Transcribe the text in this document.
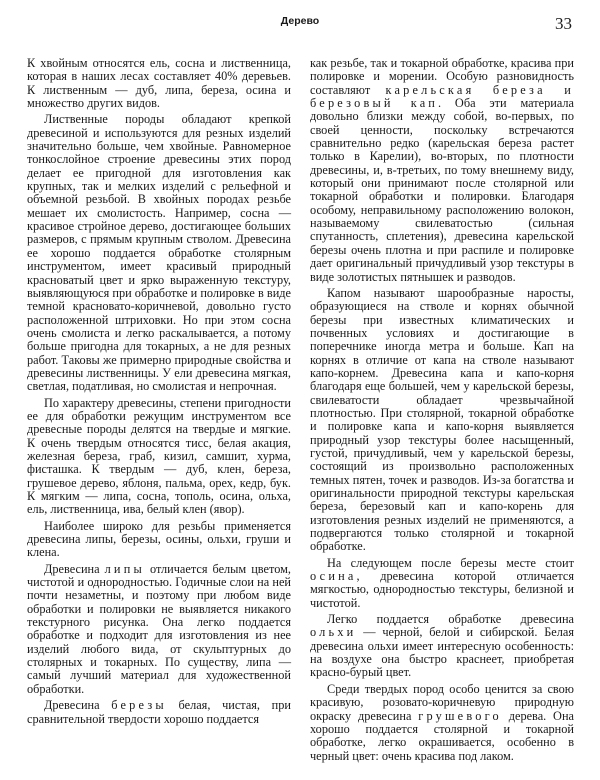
Дерево	33

К хвойным относятся ель, сосна и лиственница, которая в наших лесах составляет 40% деревьев. К лиственным — дуб, липа, береза, осина и множество других видов.

Лиственные породы обладают крепкой древесиной и используются для резных изделий значительно больше, чем хвойные. Равномерное тонкослойное строение древесины этих пород делает ее пригодной для изготовления как крупных, так и мелких изделий с рельефной и объемной резьбой. В хвойных породах резьбе мешает их смолистость. Например, сосна — красивое стройное дерево, достигающее больших размеров, с прямым крупным стволом. Древесина ее хорошо поддается обработке столярным инструментом, имеет красивый природный красноватый цвет и ярко выраженную текстуру, выявляющуюся при обработке и полировке в виде темной красновато-коричневой, довольно густо расположенной штриховки. Но при этом сосна очень смолиста и легко раскалывается, а потому больше пригодна для токарных, а не для резных работ. Таковы же примерно природные свойства и древесины лиственницы. У ели древесина мягкая, светлая, податливая, но смолистая и непрочная.

По характеру древесины, степени пригодности ее для обработки режущим инструментом все древесные породы делятся на твердые и мягкие. К очень твердым относятся тисс, белая акация, железная береза, граб, кизил, самшит, хурма, фисташка. К твердым — дуб, клен, береза, грушевое дерево, яблоня, пальма, орех, кедр, бук. К мягким — липа, сосна, тополь, осина, ольха, ель, лиственница, ива, белый клен (явор).

Наиболее широко для резьбы применяется древесина липы, березы, осины, ольхи, груши и клена.

Древесина липы отличается белым цветом, чистотой и однородностью. Годичные слои на ней почти незаметны, и поэтому при любом виде обработки и полировки не выявляется никакого текстурного рисунка. Она легко поддается обработке и подходит для изготовления из нее изделий любого вида, от скульптурных до столярных и токарных. По существу, липа — самый лучший материал для художественной обработки.

Древесина березы белая, чистая, при сравнительной твердости хорошо поддается

как резьбе, так и токарной обработке, красива при полировке и морении. Особую разновидность составляют карельская береза и березовый кап. Оба эти материала довольно близки между собой, во-первых, по своей ценности, поскольку встречаются сравнительно редко (карельская береза растет только в Карелии), во-вторых, по плотности древесины, и, в-третьих, по тому внешнему виду, который они принимают после столярной или токарной обработки и полировки. Благодаря особому, неправильному расположению волокон, называемому свилеватостью (сильная спутанность, сплетения), древесина карельской березы очень плотна и при распиле и полировке дает оригинальный причудливый узор текстуры в виде золотистых пятнышек и разводов.

Капом называют шарообразные наросты, образующиеся на стволе и корнях обычной березы при известных климатических и почвенных условиях и достигающие в поперечнике иногда метра и больше. Кап на корнях в отличие от капа на стволе называют капо-корнем. Древесина капа и капо-корня благодаря еще большей, чем у карельской березы, свилеватости обладает чрезвычайной плотностью. При столярной, токарной обработке и полировке капа и капо-корня выявляется природный узор текстуры более насыщенный, густой, причудливый, чем у карельской березы, состоящий из произвольно расположенных темных пятен, точек и разводов. Из-за богатства и оригинальности природной текстуры карельская береза, березовый кап и капо-корень для изготовления резных изделий не применяются, а подвергаются только столярной и токарной обработке.

На следующем после березы месте стоит осина, древесина которой отличается мягкостью, однородностью текстуры, белизной и чистотой.

Легко поддается обработке древесина ольхи — черной, белой и сибирской. Белая древесина ольхи имеет интересную особенность: на воздухе она быстро краснеет, приобретая красно-бурый цвет.

Среди твердых пород особо ценится за свою красивую, розовато-коричневую природную окраску древесина грушевого дерева. Она хорошо поддается столярной и токарной обработке, легко окрашивается, особенно в черный цвет: очень красива под лаком.
